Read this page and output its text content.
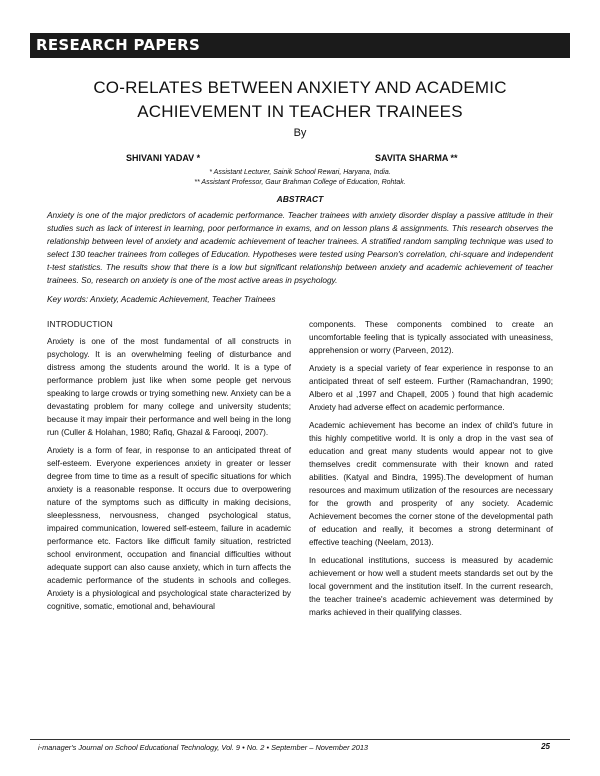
RESEARCH PAPERS
CO-RELATES BETWEEN ANXIETY AND ACADEMIC
ACHIEVEMENT IN TEACHER TRAINEES
By
SHIVANI YADAV *	SAVITA SHARMA **
* Assistant Lecturer, Sainik School Rewari, Haryana, India.
** Assistant Professor, Gaur Brahman College of Education, Rohtak.
ABSTRACT

Anxiety is one of the major predictors of academic performance. Teacher trainees with anxiety disorder display a passive attitude in their studies such as lack of interest in learning, poor performance in exams, and on lesson plans & assignments. This research observes the relationship between level of anxiety and academic achievement of teacher trainees. A stratified random sampling technique was used to select 130 teacher trainees from colleges of Education. Hypotheses were tested using Pearson's correlation, chi-square and independent t-test statistics. The results show that there is a low but significant relationship between anxiety and academic achievement of teacher trainees. So, research on anxiety is one of the most active areas in psychology.

Key words: Anxiety, Academic Achievement, Teacher Trainees

INTRODUCTION

Anxiety is one of the most fundamental of all constructs in psychology. It is an overwhelming feeling of disturbance and distress among the students around the world. It is a type of performance problem just like when some people get nervous speaking to large crowds or trying something new. Anxiety can be a devastating problem for many college and university students; because it may impair their performance and well being in the long run (Culler & Holahan, 1980; Rafiq, Ghazal & Farooqi, 2007).

Anxiety is a form of fear, in response to an anticipated threat of self-esteem. Everyone experiences anxiety in greater or lesser degree from time to time as a result of specific situations for which anxiety is a reasonable response. It occurs due to overpowering nature of the symptoms such as difficulty in making decisions, sleeplessness, nervousness, changed psychological status, impaired communication, lowered self-esteem, failure in academic performance etc. Factors like difficult family situation, restricted school environment, occupation and financial difficulties without adequate support can also cause anxiety, which in turn affects the academic performance of the students in schools and colleges. Anxiety is a physiological and psychological state characterized by cognitive, somatic, emotional and, behavioural

components. These components combined to create an uncomfortable feeling that is typically associated with uneasiness, apprehension or worry (Parveen, 2012).

Anxiety is a special variety of fear experience in response to an anticipated threat of self esteem. Further (Ramachandran, 1990; Albero et al ,1997 and Chapell, 2005 ) found that high academic Anxiety had adverse effect on academic performance.

Academic achievement has become an index of child's future in this highly competitive world. It is only a drop in the vast sea of education and great many students would appear not to give themselves credit commensurate with their known and rated abilities. (Katyal and Bindra, 1995).The development of human resources and maximum utilization of the resources are necessary for the growth and prosperity of any society. Academic Achievement becomes the corner stone of the developmental path of education and really, it becomes a strong determinant of effective teaching (Neelam, 2013).

In educational institutions, success is measured by academic achievement or how well a student meets standards set out by the local government and the institution itself. In the current research, the teacher trainee's academic achievement was determined by marks achieved in their qualifying classes.

i-manager's Journal on School Educational Technology, Vol. 9 • No. 2 • September – November 2013	25
